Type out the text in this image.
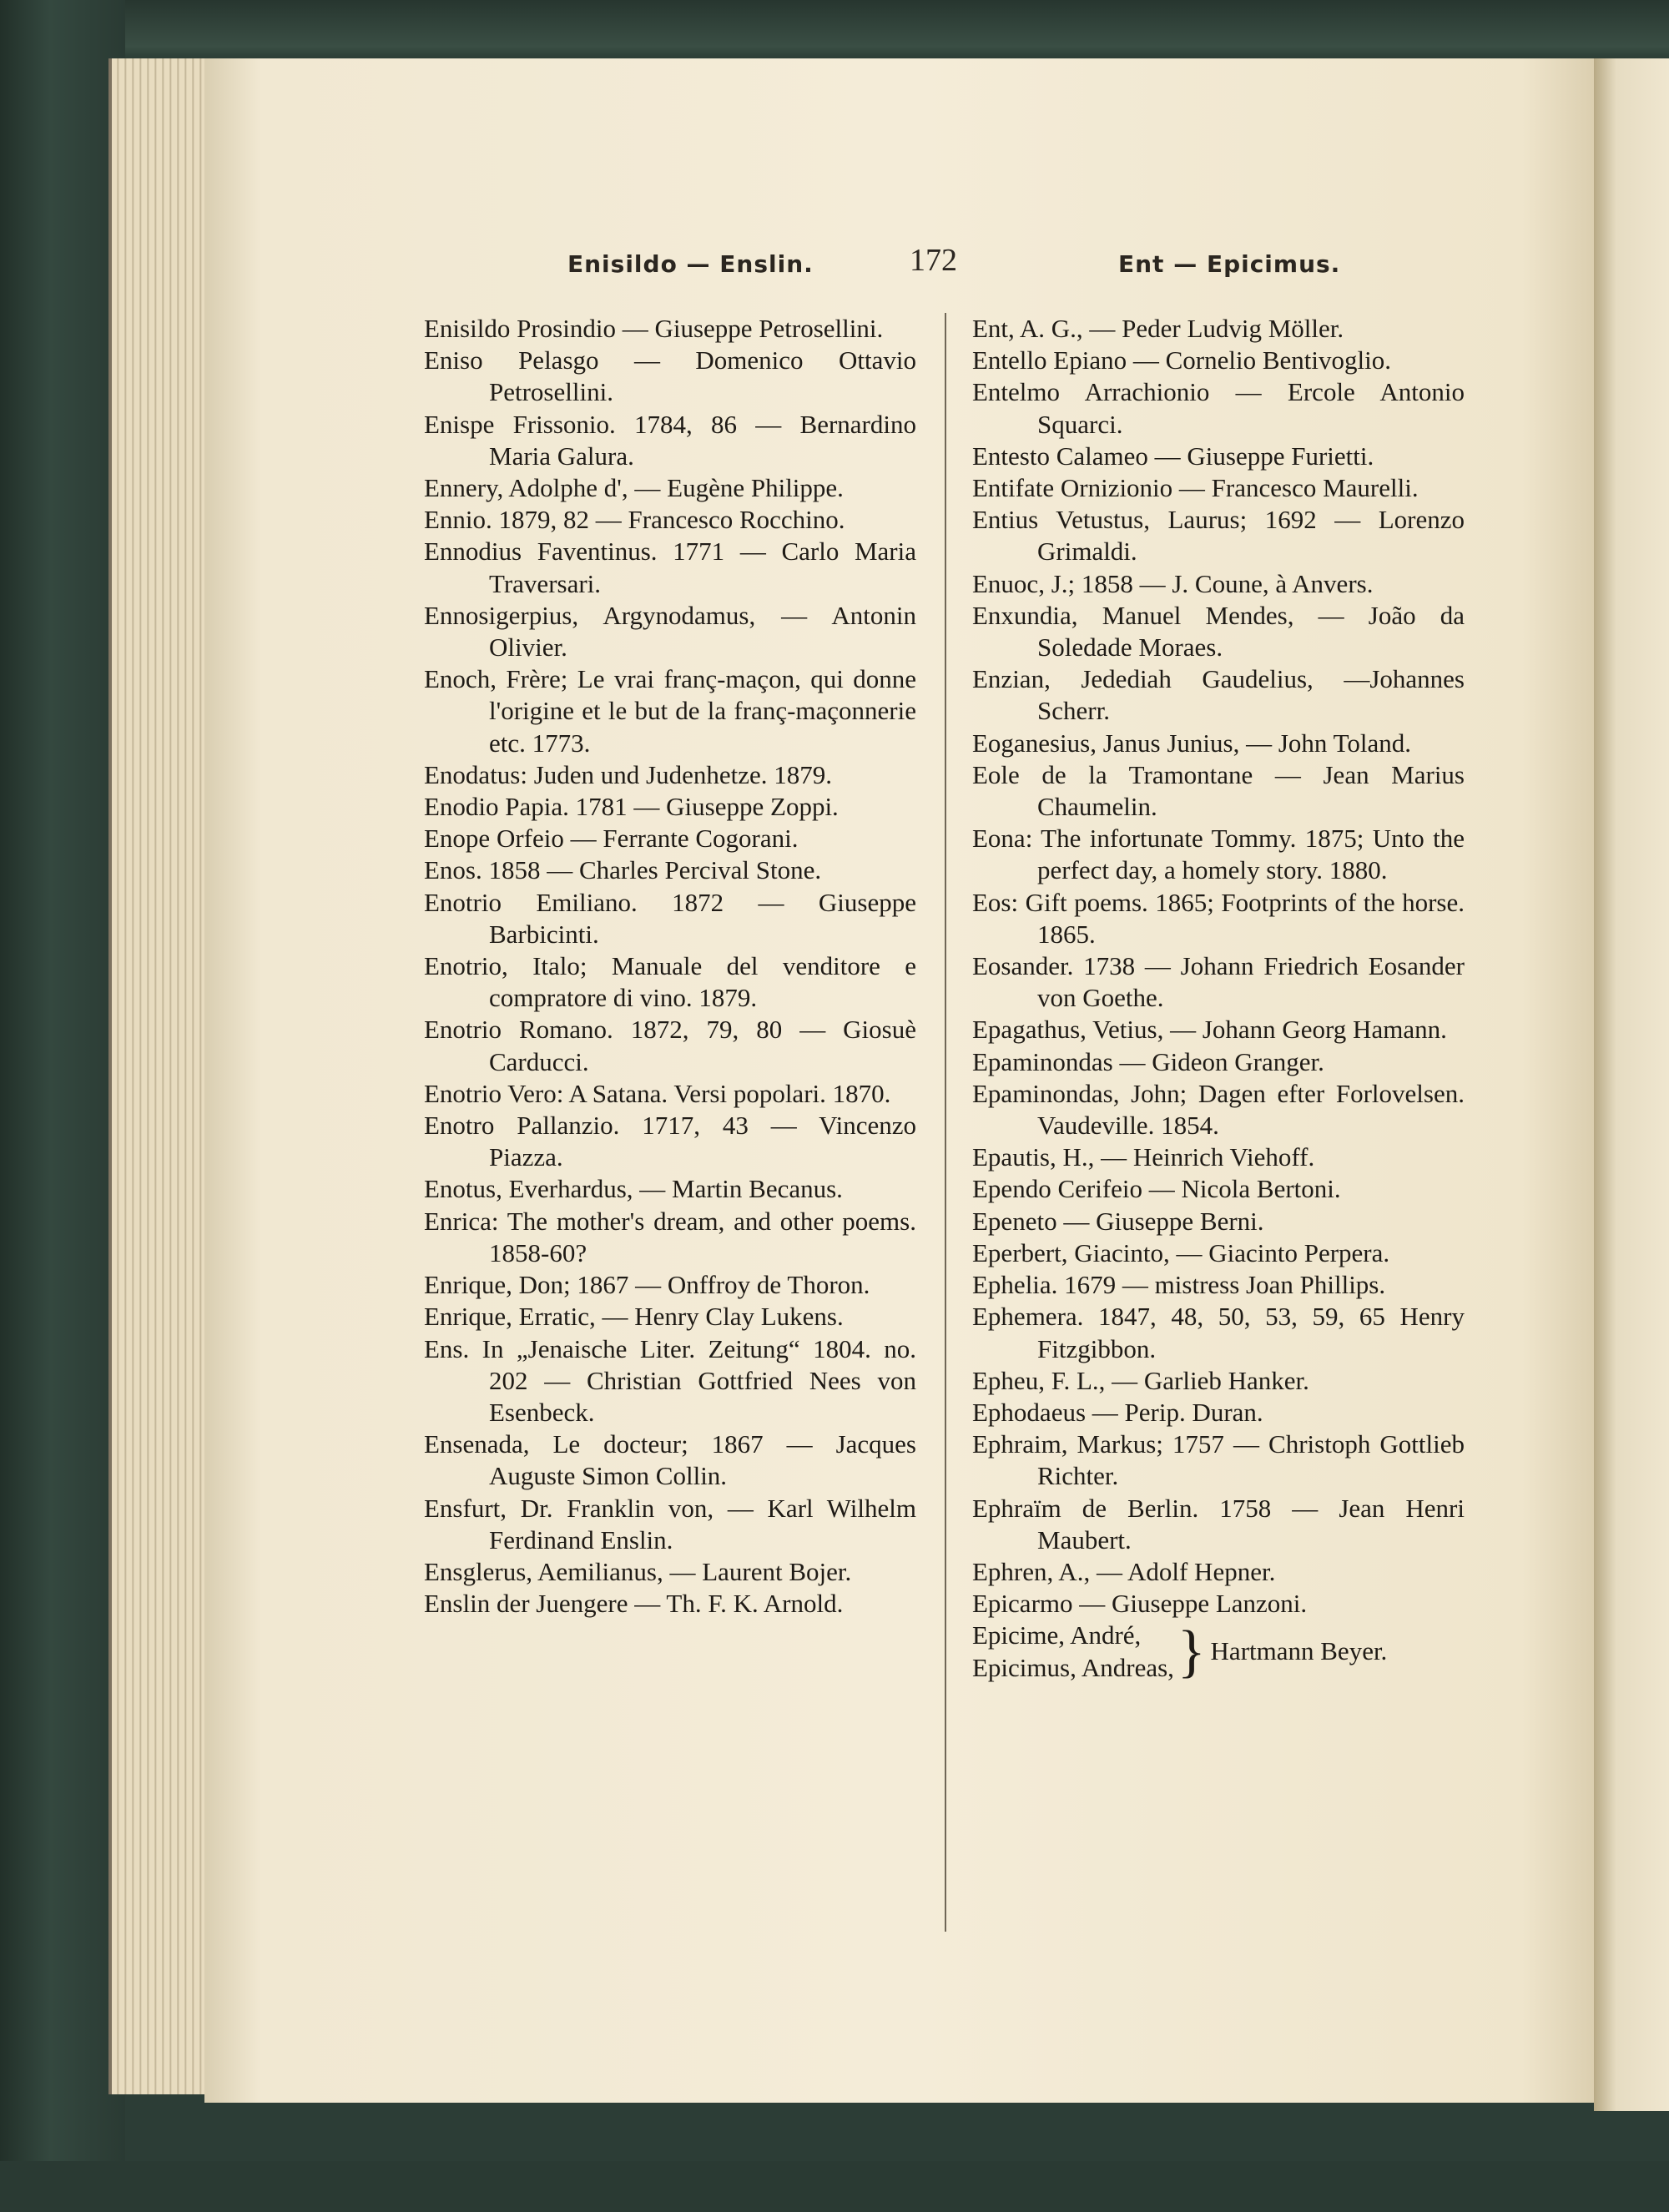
Enisildo — Enslin.	172	Ent — Epicimus.

Enisildo Prosindio — Giuseppe Petrosellini.

Eniso Pelasgo — Domenico Ottavio Petrosellini.

Enispe Frissonio. 1784, 86 — Bernardino Maria Galura.

Ennery, Adolphe d', — Eugène Philippe.

Ennio. 1879, 82 — Francesco Rocchino.

Ennodius Faventinus. 1771 — Carlo Maria Traversari.

Ennosigerpius, Argynodamus, — Antonin Olivier.

Enoch, Frère; Le vrai franç-maçon, qui donne l'origine et le but de la franç-maçonnerie etc. 1773.

Enodatus: Juden und Judenhetze. 1879.

Enodio Papia. 1781 — Giuseppe Zoppi.

Enope Orfeio — Ferrante Cogorani.

Enos. 1858 — Charles Percival Stone.

Enotrio Emiliano. 1872 — Giuseppe Barbicinti.

Enotrio, Italo; Manuale del venditore e compratore di vino. 1879.

Enotrio Romano. 1872, 79, 80 — Giosuè Carducci.

Enotrio Vero: A Satana. Versi popolari. 1870.

Enotro Pallanzio. 1717, 43 — Vincenzo Piazza.

Enotus, Everhardus, — Martin Becanus.

Enrica: The mother's dream, and other poems. 1858-60?

Enrique, Don; 1867 — Onffroy de Thoron.

Enrique, Erratic, — Henry Clay Lukens.

Ens. In „Jenaische Liter. Zeitung“ 1804. no. 202 — Christian Gottfried Nees von Esenbeck.

Ensenada, Le docteur; 1867 — Jacques Auguste Simon Collin.

Ensfurt, Dr. Franklin von, — Karl Wilhelm Ferdinand Enslin.

Ensglerus, Aemilianus, — Laurent Bojer.

Enslin der Juengere — Th. F. K. Arnold.

Ent, A. G., — Peder Ludvig Möller.

Entello Epiano — Cornelio Bentivoglio.

Entelmo Arrachionio — Ercole Antonio Squarci.

Entesto Calameo — Giuseppe Furietti.

Entifate Ornizionio — Francesco Maurelli.

Entius Vetustus, Laurus; 1692 — Lorenzo Grimaldi.

Enuoc, J.; 1858 — J. Coune, à Anvers.

Enxundia, Manuel Mendes, — João da Soledade Moraes.

Enzian, Jedediah Gaudelius, —Johannes Scherr.

Eoganesius, Janus Junius, — John Toland.

Eole de la Tramontane — Jean Marius Chaumelin.

Eona: The infortunate Tommy. 1875; Unto the perfect day, a homely story. 1880.

Eos: Gift poems. 1865; Footprints of the horse. 1865.

Eosander. 1738 — Johann Friedrich Eosander von Goethe.

Epagathus, Vetius, — Johann Georg Hamann.

Epaminondas — Gideon Granger.

Epaminondas, John; Dagen efter Forlovelsen. Vaudeville. 1854.

Epautis, H., — Heinrich Viehoff.

Ependo Cerifeio — Nicola Bertoni.

Epeneto — Giuseppe Berni.

Eperbert, Giacinto, — Giacinto Perpera.

Ephelia. 1679 — mistress Joan Phillips.

Ephemera. 1847, 48, 50, 53, 59, 65 Henry Fitzgibbon.

Epheu, F. L., — Garlieb Hanker.

Ephodaeus — Perip. Duran.

Ephraim, Markus; 1757 — Christoph Gottlieb Richter.

Ephraïm de Berlin. 1758 — Jean Henri Maubert.

Ephren, A., — Adolf Hepner.

Epicarmo — Giuseppe Lanzoni.

Epicime, André,
Epicimus, Andreas, } Hartmann Beyer.
